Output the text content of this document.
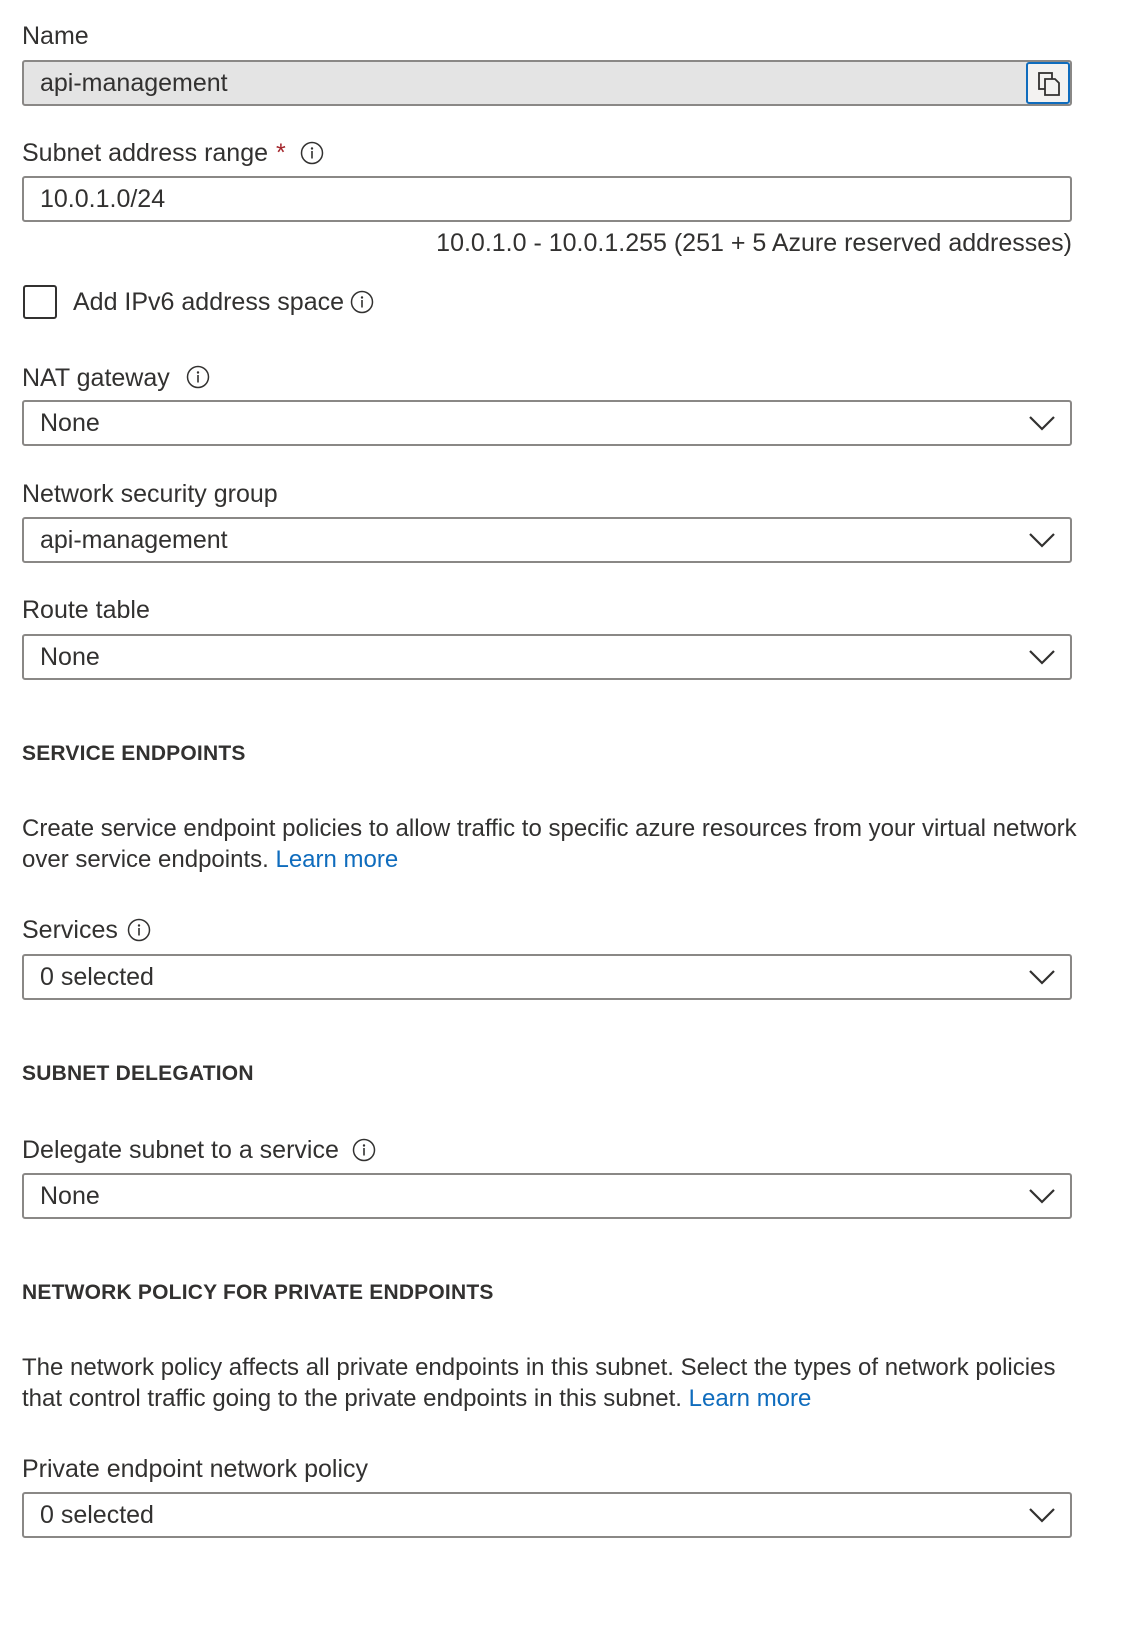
Name
api-management
Subnet address range *
10.0.1.0/24
10.0.1.0 - 10.0.1.255 (251 + 5 Azure reserved addresses)
Add IPv6 address space
NAT gateway
None
Network security group
api-management
Route table
None
SERVICE ENDPOINTS
Create service endpoint policies to allow traffic to specific azure resources from your virtual network over service endpoints. Learn more
Services
0 selected
SUBNET DELEGATION
Delegate subnet to a service
None
NETWORK POLICY FOR PRIVATE ENDPOINTS
The network policy affects all private endpoints in this subnet. Select the types of network policies that control traffic going to the private endpoints in this subnet. Learn more
Private endpoint network policy
0 selected
